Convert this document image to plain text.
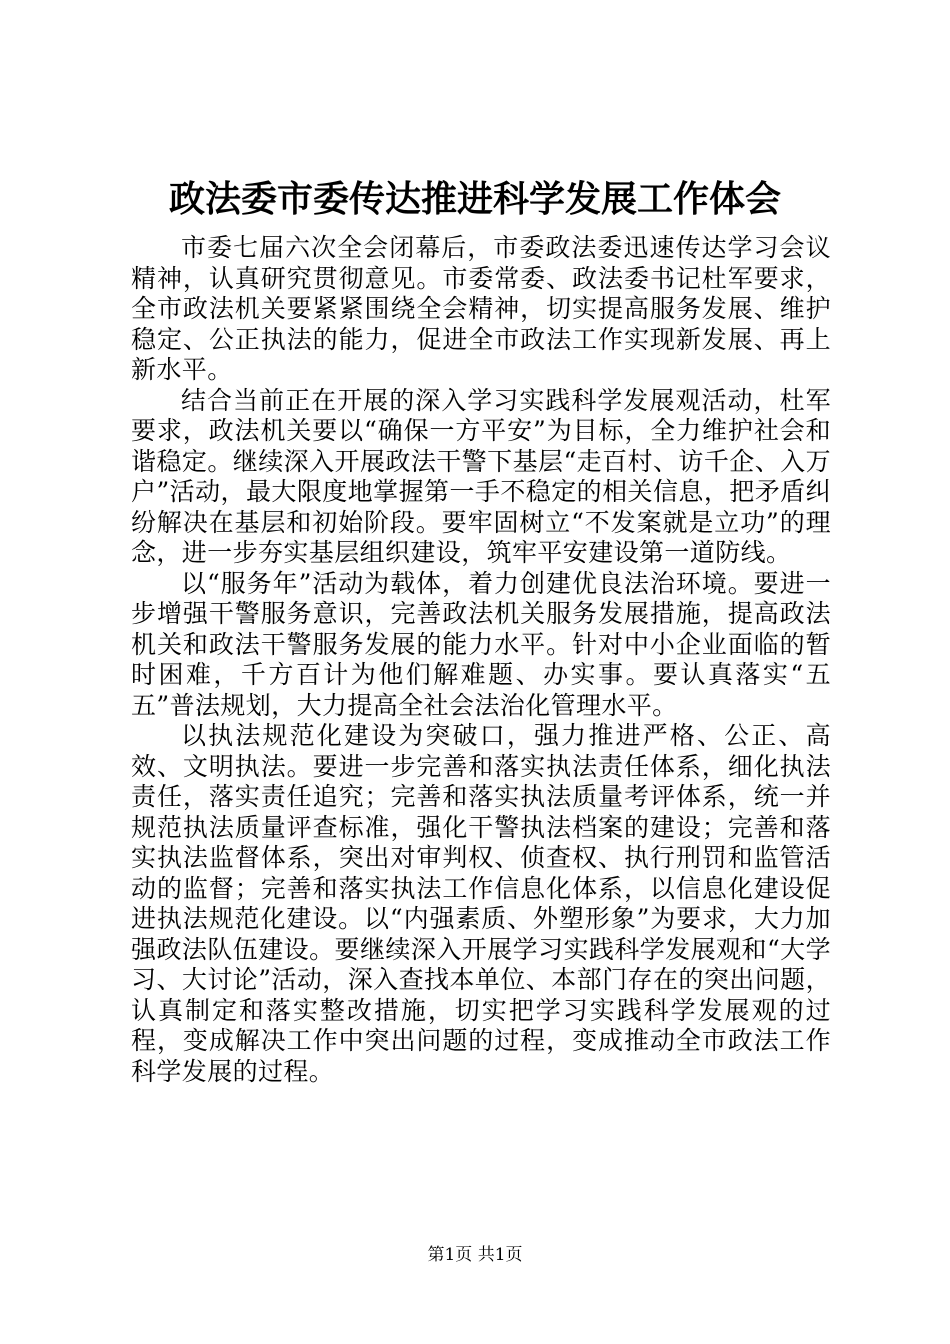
政法委市委传达推进科学发展工作体会

市委七届六次全会闭幕后，市委政法委迅速传达学习会议精神，认真研究贯彻意见。市委常委、政法委书记杜军要求，全市政法机关要紧紧围绕全会精神，切实提高服务发展、维护稳定、公正执法的能力，促进全市政法工作实现新发展、再上新水平。

结合当前正在开展的深入学习实践科学发展观活动，杜军要求，政法机关要以“确保一方平安”为目标，全力维护社会和谐稳定。继续深入开展政法干警下基层“走百村、访千企、入万户”活动，最大限度地掌握第一手不稳定的相关信息，把矛盾纠纷解决在基层和初始阶段。要牢固树立“不发案就是立功”的理念，进一步夯实基层组织建设，筑牢平安建设第一道防线。

以“服务年”活动为载体，着力创建优良法治环境。要进一步增强干警服务意识，完善政法机关服务发展措施，提高政法机关和政法干警服务发展的能力水平。针对中小企业面临的暂时困难，千方百计为他们解难题、办实事。要认真落实“五五”普法规划，大力提高全社会法治化管理水平。

以执法规范化建设为突破口，强力推进严格、公正、高效、文明执法。要进一步完善和落实执法责任体系，细化执法责任，落实责任追究；完善和落实执法质量考评体系，统一并规范执法质量评查标准，强化干警执法档案的建设；完善和落实执法监督体系，突出对审判权、侦查权、执行刑罚和监管活动的监督；完善和落实执法工作信息化体系，以信息化建设促进执法规范化建设。以“内强素质、外塑形象”为要求，大力加强政法队伍建设。要继续深入开展学习实践科学发展观和“大学习、大讨论”活动，深入查找本单位、本部门存在的突出问题，认真制定和落实整改措施，切实把学习实践科学发展观的过程，变成解决工作中突出问题的过程，变成推动全市政法工作科学发展的过程。

第1页 共1页
